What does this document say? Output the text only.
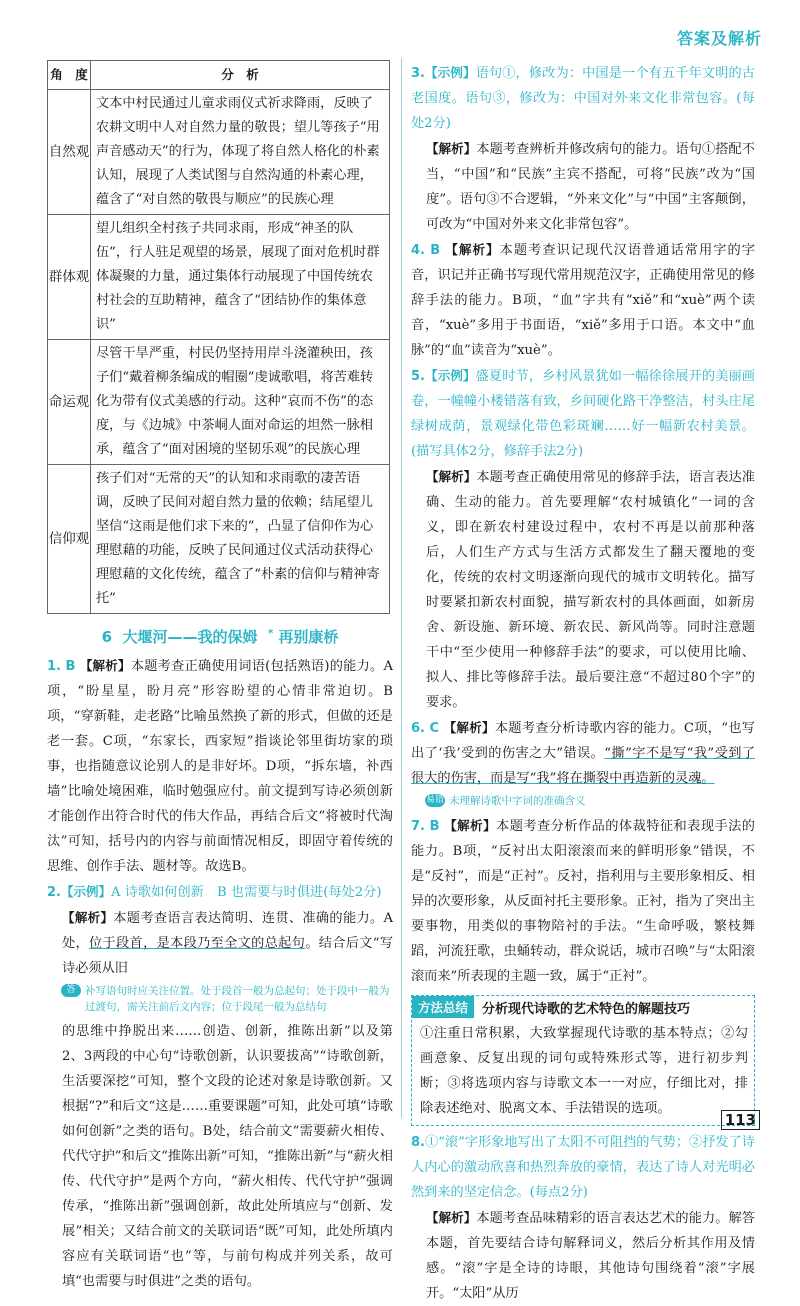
答案及解析
角　度	分　析
自然观	文本中村民通过儿童求雨仪式祈求降雨，反映了农耕文明中人对自然力量的敬畏；望儿等孩子“用声音感动天”的行为，体现了将自然人格化的朴素认知，展现了人类试图与自然沟通的朴素心理，蕴含了“对自然的敬畏与顺应”的民族心理
群体观	望儿组织全村孩子共同求雨，形成“神圣的队伍”，行人驻足观望的场景，展现了面对危机时群体凝聚的力量，通过集体行动展现了中国传统农村社会的互助精神，蕴含了“团结协作的集体意识”
命运观	尽管干旱严重，村民仍坚持用岸斗浇灌秧田，孩子们“戴着柳条编成的帽圈”虔诚歌唱，将苦难转化为带有仪式美感的行动。这种“哀而不伤”的态度，与《边城》中茶峒人面对命运的坦然一脉相承，蕴含了“面对困境的坚韧乐观”的民族心理
信仰观	孩子们对“无常的天”的认知和求雨歌的凄苦语调，反映了民间对超自然力量的依赖；结尾望儿坚信“这雨是他们求下来的”，凸显了信仰作为心理慰藉的功能，反映了民间通过仪式活动获得心理慰藉的文化传统，蕴含了“朴素的信仰与精神寄托”
6 大堰河——我的保姆 * 再别康桥

1. B 【解析】本题考查正确使用词语(包括熟语)的能力。A项，“盼星星，盼月亮”形容盼望的心情非常迫切。B项，“穿新鞋，走老路”比喻虽然换了新的形式，但做的还是老一套。C项，“东家长，西家短”指谈论邻里街坊家的琐事，也指随意议论别人的是非好坏。D项，“拆东墙，补西墙”比喻处境困难，临时勉强应付。前文提到写诗必须创新才能创作出符合时代的伟大作品，再结合后文“将被时代淘汰”可知，括号内的内容与前面情况相反，即固守着传统的思维、创作手法、题材等。故选B。

2.【示例】A 诗歌如何创新　B 也需要与时俱进(每处2分)

【解析】本题考查语言表达简明、连贯、准确的能力。A处，位于段首，是本段乃至全文的总起句。结合后文“写诗必须从旧

答 补写语句时应关注位置。处于段首一般为总起句；处于段中一般为过渡句，需关注前后文内容；位于段尾一般为总结句

的思维中挣脱出来……创造、创新，推陈出新”以及第2、3两段的中心句“诗歌创新，认识要拔高”“诗歌创新，生活要深挖”可知，整个文段的论述对象是诗歌创新。又根据“?”和后文“这是……重要课题”可知，此处可填“诗歌如何创新”之类的语句。B处，结合前文“需要薪火相传、代代守护”和后文“推陈出新”可知，“推陈出新”与“薪火相传、代代守护”是两个方向，“薪火相传、代代守护”强调传承，“推陈出新”强调创新，故此处所填应与“创新、发展”相关；又结合前文的关联词语“既”可知，此处所填内容应有关联词语“也”等，与前句构成并列关系，故可填“也需要与时俱进”之类的语句。

3.【示例】语句①，修改为：中国是一个有五千年文明的古老国度。语句③，修改为：中国对外来文化非常包容。(每处2分)

【解析】本题考查辨析并修改病句的能力。语句①搭配不当，“中国”和“民族”主宾不搭配，可将“民族”改为“国度”。语句③不合逻辑，“外来文化”与“中国”主客颠倒，可改为“中国对外来文化非常包容”。

4. B 【解析】本题考查识记现代汉语普通话常用字的字音，识记并正确书写现代常用规范汉字，正确使用常见的修辞手法的能力。B项，“血”字共有“xiě”和“xuè”两个读音，“xuè”多用于书面语，“xiě”多用于口语。本文中“血脉”的“血”读音为“xuè”。

5.【示例】盛夏时节，乡村风景犹如一幅徐徐展开的美丽画卷，一幢幢小楼错落有致，乡间硬化路干净整洁，村头庄尾绿树成荫，景观绿化带色彩斑斓……好一幅新农村美景。(描写具体2分，修辞手法2分)

【解析】本题考查正确使用常见的修辞手法，语言表达准确、生动的能力。首先要理解“农村城镇化”一词的含义，即在新农村建设过程中，农村不再是以前那种落后，人们生产方式与生活方式都发生了翻天覆地的变化，传统的农村文明逐渐向现代的城市文明转化。描写时要紧扣新农村面貌，描写新农村的具体画面，如新房舍、新设施、新环境、新农民、新风尚等。同时注意题干中“至少使用一种修辞手法”的要求，可以使用比喻、拟人、排比等修辞手法。最后要注意“不超过80个字”的要求。

6. C 【解析】本题考查分析诗歌内容的能力。C项，“也写出了‘我’受到的伤害之大”错误。“撕”字不是写“我”受到了很大的伤害，而是写“我”将在撕裂中再造新的灵魂。

易错 未理解诗歌中字词的准确含义

7. B 【解析】本题考查分析作品的体裁特征和表现手法的能力。B项，“反衬出太阳滚滚而来的鲜明形象”错误，不是“反衬”，而是“正衬”。反衬，指利用与主要形象相反、相异的次要形象，从反面衬托主要形象。正衬，指为了突出主要事物，用类似的事物陪衬的手法。“生命呼吸，繁枝舞蹈，河流狂歌，虫蛹转动，群众说话，城市召唤”与“太阳滚滚而来”所表现的主题一致，属于“正衬”。

方法总结	分析现代诗歌的艺术特色的解题技巧

①注重日常积累，大致掌握现代诗歌的基本特点；②勾画意象、反复出现的词句或特殊形式等，进行初步判断；③将选项内容与诗歌文本一一对应，仔细比对，排除表述绝对、脱离文本、手法错误的选项。

8.①“滚”字形象地写出了太阳不可阻挡的气势；②抒发了诗人内心的激动欣喜和热烈奔放的豪情，表达了诗人对光明必然到来的坚定信念。(每点2分)

【解析】本题考查品味精彩的语言表达艺术的能力。解答本题，首先要结合诗句解释词义，然后分析其作用及情感。“滚”字是全诗的诗眼，其他诗句围绕着“滚”字展开。“太阳”从历

113
